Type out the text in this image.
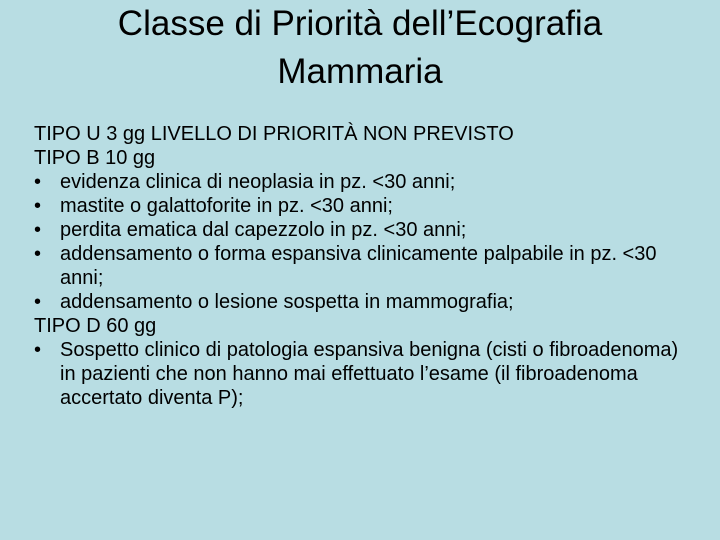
Classe di Priorità dell’Ecografia
Mammaria

TIPO U 3 gg LIVELLO DI PRIORITÀ NON PREVISTO

TIPO B 10 gg

• evidenza clinica di neoplasia in pz. <30 anni;
• mastite o galattoforite in pz. <30 anni;
• perdita ematica dal capezzolo in pz. <30 anni;
• addensamento o forma espansiva clinicamente palpabile in pz. <30 anni;
• addensamento o lesione sospetta in mammografia;

TIPO D 60 gg

• Sospetto clinico di patologia espansiva benigna (cisti o fibroadenoma) in pazienti che non hanno mai effettuato l’esame (il fibroadenoma accertato diventa P);
